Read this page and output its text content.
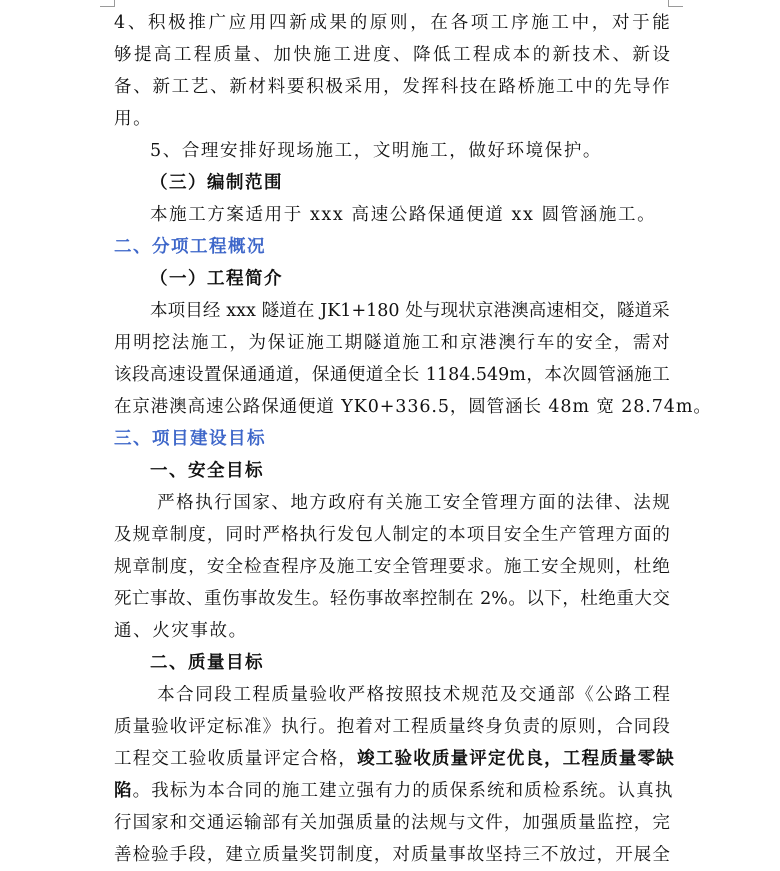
4 、 积 极 推 广 应 用 四 新 成 果 的 原 则 ， 在 各 项 工 序 施 工 中 ， 对 于 能
够 提 高 工 程 质 量 、 加 快 施 工 进 度 、 降 低 工 程 成 本 的 新 技 术 、 新 设
备 、 新 工 艺 、 新 材 料 要 积 极 采 用 ， 发 挥 科 技 在 路 桥 施 工 中 的 先 导 作
用。
5、合理安排好现场施工，文明施工，做好环境保护。
（三）编制范围
本施工方案适用于 xxx 高速公路保通便道 xx 圆管涵施工。
二、分项工程概况
（一）工程简介
本 项 目 经
xxx
隧 道 在
JK1+180
处 与 现 状 京 港 澳 高 速 相 交 ， 隧 道 采
用 明 挖 法 施 工 ， 为 保 证 施 工 期 隧 道 施 工 和 京 港 澳 行 车 的 安 全 ， 需 对
该 段 高 速 设 置 保 通 通 道 ， 保 通 便 道 全 长
1184.549m ， 本 次 圆 管 涵 施 工
在京港澳高速公路保通便道 YK0+336.5，圆管涵长 48m 宽 28.74m。
三、项目建设目标
一、安全目标

严 格 执 行 国 家 、 地 方 政 府 有 关 施 工 安 全 管 理 方 面 的 法 律 、 法 规
及 规 章 制 度 ， 同 时 严 格 执 行 发 包 人 制 定 的 本 项 目 安 全 生 产 管 理 方 面 的
规 章 制 度 ， 安 全 检 查 程 序 及 施 工 安 全 管 理 要 求 。 施 工 安 全 规 则 ， 杜 绝
死 亡 事 故 、 重 伤 事 故 发 生 。 轻 伤 事 故 率 控 制 在
2% 。 以 下 ， 杜 绝 重 大 交
通、火灾事故。
二、质量目标

本 合 同 段 工 程 质 量 验 收 严 格 按 照 技 术 规 范 及 交 通 部 《 公 路 工 程
质 量 验 收 评 定 标 准 》 执 行 。 抱 着 对 工 程 质 量 终 身 负 责 的 原 则 ， 合 同 段
工程交工验收质量评定合格，竣工验收质量评定优良，工程质量零缺
陷。我标为本合同的施工建立强有力的质保系统和质检系统。认真执
行 国 家 和 交 通 运 输 部 有 关 加 强 质 量 的 法 规 与 文 件 ， 加 强 质 量 监 控 ， 完
善 检 验 手 段 ， 建 立 质 量 奖 罚 制 度 ， 对 质 量 事 故 坚 持 三 不 放 过 ， 开 展 全
